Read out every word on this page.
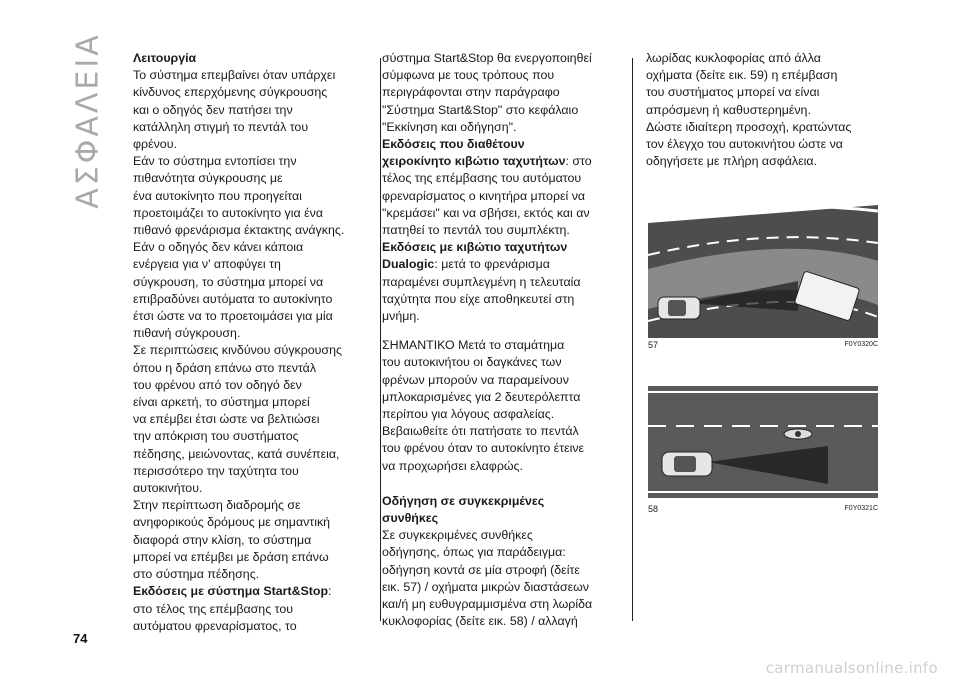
ΑΣΦΑΛΕΙΑ
74

Λειτουργία

Το σύστημα επεμβαίνει όταν υπάρχει

κίνδυνος επερχόμενης σύγκρουσης

και ο οδηγός δεν πατήσει την

κατάλληλη στιγμή το πεντάλ του

φρένου.

Εάν το σύστημα εντοπίσει την

πιθανότητα σύγκρουσης με

ένα αυτοκίνητο που προηγείται

προετοιμάζει το αυτοκίνητο για ένα

πιθανό φρενάρισμα έκτακτης ανάγκης.

Εάν ο οδηγός δεν κάνει κάποια

ενέργεια για ν' αποφύγει τη

σύγκρουση, το σύστημα μπορεί να

επιβραδύνει αυτόματα το αυτοκίνητο

έτσι ώστε να το προετοιμάσει για μία

πιθανή σύγκρουση.

Σε περιπτώσεις κινδύνου σύγκρουσης

όπου η δράση επάνω στο πεντάλ

του φρένου από τον οδηγό δεν

είναι αρκετή, το σύστημα μπορεί

να επέμβει έτσι ώστε να βελτιώσει

την απόκριση του συστήματος

πέδησης, μειώνοντας, κατά συνέπεια,

περισσότερο την ταχύτητα του

αυτοκινήτου.

Στην περίπτωση διαδρομής σε

ανηφορικούς δρόμους με σημαντική

διαφορά στην κλίση, το σύστημα

μπορεί να επέμβει με δράση επάνω

στο σύστημα πέδησης.

Εκδόσεις με σύστημα Start&Stop:

στο τέλος της επέμβασης του

αυτόματου φρεναρίσματος, το

σύστημα Start&Stop θα ενεργοποιηθεί

σύμφωνα με τους τρόπους που

περιγράφονται στην παράγραφο

"Σύστημα Start&Stop" στο κεφάλαιο

"Εκκίνηση και οδήγηση".

Εκδόσεις που διαθέτουν

χειροκίνητο κιβώτιο ταχυτήτων: στο

τέλος της επέμβασης του αυτόματου

φρεναρίσματος ο κινητήρα μπορεί να

"κρεμάσει" και να σβήσει, εκτός και αν

πατηθεί το πεντάλ του συμπλέκτη.

Εκδόσεις με κιβώτιο ταχυτήτων

Dualogic: μετά το φρενάρισμα

παραμένει συμπλεγμένη η τελευταία

ταχύτητα που είχε αποθηκευτεί στη

μνήμη.

ΣΗΜΑΝΤΙΚΟ Μετά το σταμάτημα

του αυτοκινήτου οι δαγκάνες των

φρένων μπορούν να παραμείνουν

μπλοκαρισμένες για 2 δευτερόλεπτα

περίπου για λόγους ασφαλείας.

Βεβαιωθείτε ότι πατήσατε το πεντάλ

του φρένου όταν το αυτοκίνητο έτεινε

να προχωρήσει ελαφρώς.

Οδήγηση σε συγκεκριμένες

συνθήκες

Σε συγκεκριμένες συνθήκες

οδήγησης, όπως για παράδειγμα:

οδήγηση κοντά σε μία στροφή (δείτε

εικ. 57) / οχήματα μικρών διαστάσεων

και/ή μη ευθυγραμμισμένα στη λωρίδα

κυκλοφορίας (δείτε εικ. 58) / αλλαγή

λωρίδας κυκλοφορίας από άλλα

οχήματα (δείτε εικ. 59) η επέμβαση

του συστήματος μπορεί να είναι

απρόσμενη ή καθυστερημένη.

Δώστε ιδιαίτερη προσοχή, κρατώντας

τον έλεγχο του αυτοκινήτου ώστε να

οδηγήσετε με πλήρη ασφάλεια.

57	F0Y0320C
58	F0Y0321C
carmanualsonline.info
